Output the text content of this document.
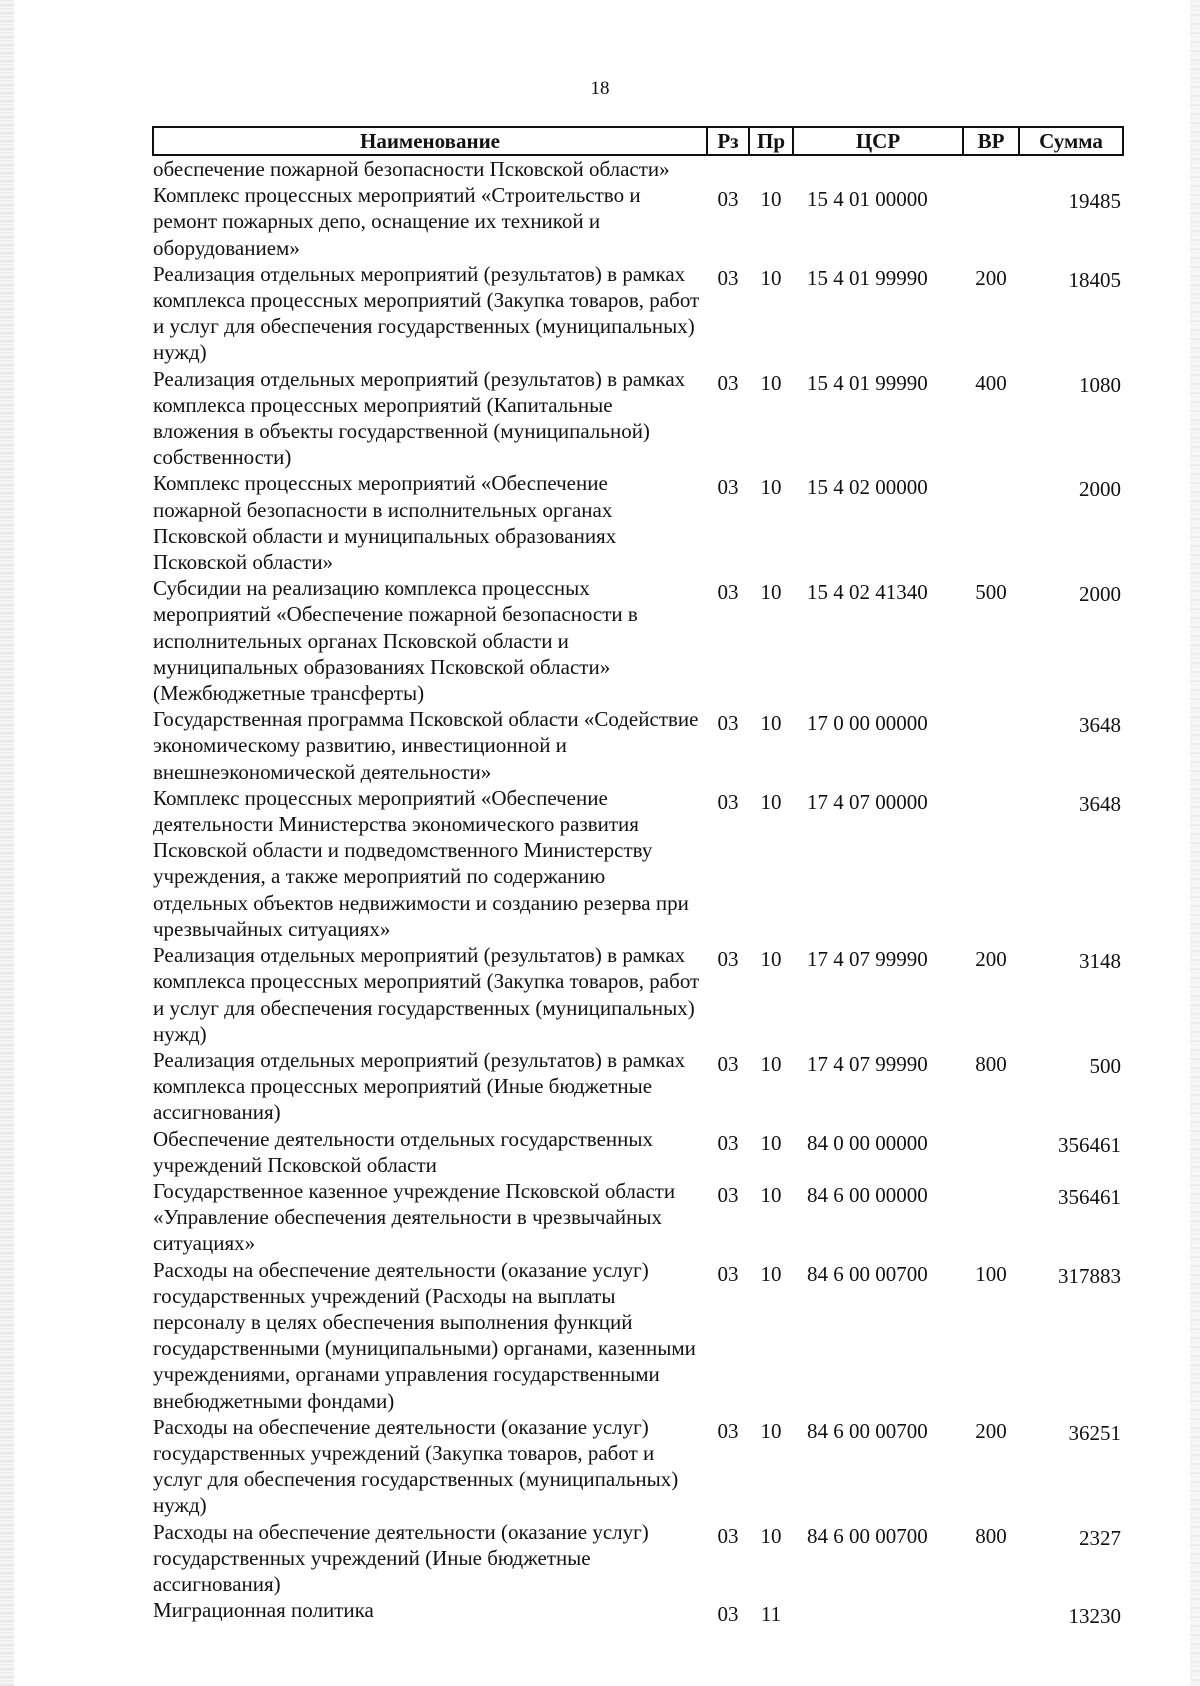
18
Наименование	Рз	Пр	ЦСР	ВР	Сумма
обеспечение пожарной безопасности Псковской области»					
Комплекс процессных мероприятий «Строительство и ремонт пожарных депо, оснащение их техникой и оборудованием»	03	10	15 4 01 00000		19485
Реализация отдельных мероприятий (результатов) в рамках комплекса процессных мероприятий (Закупка товаров, работ и услуг для обеспечения государственных (муниципальных) нужд)	03	10	15 4 01 99990	200	18405
Реализация отдельных мероприятий (результатов) в рамках комплекса процессных мероприятий (Капитальные вложения в объекты государственной (муниципальной) собственности)	03	10	15 4 01 99990	400	1080
Комплекс процессных мероприятий «Обеспечение пожарной безопасности в исполнительных органах Псковской области и муниципальных образованиях Псковской области»	03	10	15 4 02 00000		2000
Субсидии на реализацию комплекса процессных мероприятий «Обеспечение пожарной безопасности в исполнительных органах Псковской области и муниципальных образованиях Псковской области» (Межбюджетные трансферты)	03	10	15 4 02 41340	500	2000
Государственная программа Псковской области «Содействие экономическому развитию, инвестиционной и внешнеэкономической деятельности»	03	10	17 0 00 00000		3648
Комплекс процессных мероприятий «Обеспечение деятельности Министерства экономического развития Псковской области и подведомственного Министерству учреждения, а также мероприятий по содержанию отдельных объектов недвижимости и созданию резерва при чрезвычайных ситуациях»	03	10	17 4 07 00000		3648
Реализация отдельных мероприятий (результатов) в рамках комплекса процессных мероприятий (Закупка товаров, работ и услуг для обеспечения государственных (муниципальных) нужд)	03	10	17 4 07 99990	200	3148
Реализация отдельных мероприятий (результатов) в рамках комплекса процессных мероприятий (Иные бюджетные ассигнования)	03	10	17 4 07 99990	800	500
Обеспечение деятельности отдельных государственных учреждений Псковской области	03	10	84 0 00 00000		356461
Государственное казенное учреждение Псковской области «Управление обеспечения деятельности в чрезвычайных ситуациях»	03	10	84 6 00 00000		356461
Расходы на обеспечение деятельности (оказание услуг) государственных учреждений (Расходы на выплаты персоналу в целях обеспечения выполнения функций государственными (муниципальными) органами, казенными учреждениями, органами управления государственными внебюджетными фондами)	03	10	84 6 00 00700	100	317883
Расходы на обеспечение деятельности (оказание услуг) государственных учреждений (Закупка товаров, работ и услуг для обеспечения государственных (муниципальных) нужд)	03	10	84 6 00 00700	200	36251
Расходы на обеспечение деятельности (оказание услуг) государственных учреждений (Иные бюджетные ассигнования)	03	10	84 6 00 00700	800	2327
Миграционная политика	03	11			13230
